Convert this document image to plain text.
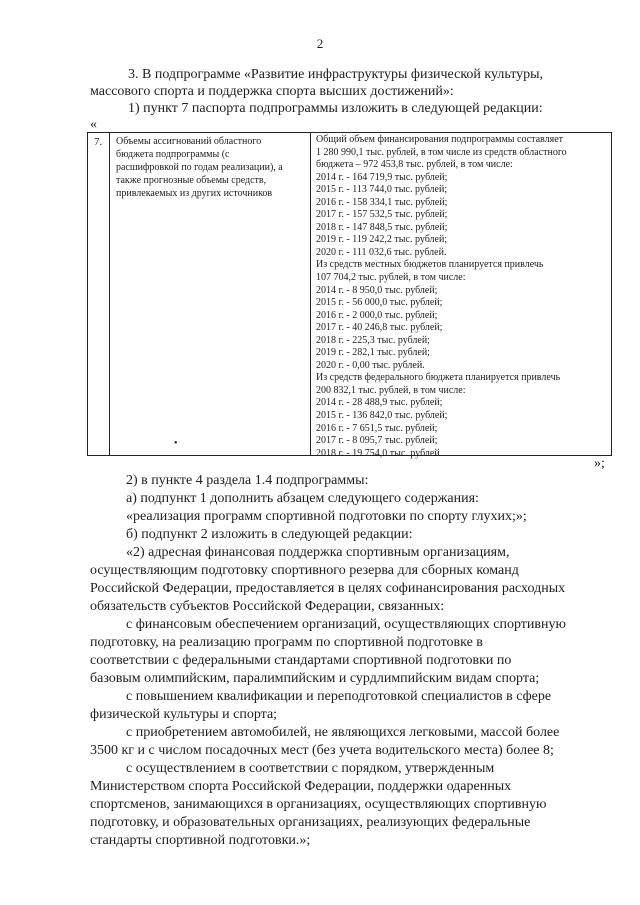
2
3. В подпрограмме «Развитие инфраструктуры физической культуры,
массового спорта и поддержка спорта высших достижений»:
1) пункт 7 паспорта подпрограммы изложить в следующей редакции:
«
7. Объемы ассигнований областного
бюджета подпрограммы (с
расшифровкой по годам реализации), а
также прогнозные объемы средств,
привлекаемых из других источников
Общий объем финансирования подпрограммы составляет
1 280 990,1 тыс. рублей, в том числе из средств областного
бюджета – 972 453,8 тыс. рублей, в том числе:
2014 г. - 164 719,9 тыс. рублей;
2015 г. - 113 744,0 тыс. рублей;
2016 г. - 158 334,1 тыс. рублей;
2017 г. - 157 532,5 тыс. рублей;
2018 г. - 147 848,5 тыс. рублей;
2019 г. - 119 242,2 тыс. рублей;
2020 г. - 111 032,6 тыс. рублей.
Из средств местных бюджетов планируется привлечь
107 704,2 тыс. рублей, в том числе:
2014 г. - 8 950,0 тыс. рублей;
2015 г. - 56 000,0 тыс. рублей;
2016 г. - 2 000,0 тыс. рублей;
2017 г. - 40 246,8 тыс. рублей;
2018 г. - 225,3 тыс. рублей;
2019 г. - 282,1 тыс. рублей;
2020 г. - 0,00 тыс. рублей.
Из средств федерального бюджета планируется привлечь
200 832,1 тыс. рублей, в том числе:
2014 г. - 28 488,9 тыс. рублей;
2015 г. - 136 842,0 тыс. рублей;
2016 г. - 7 651,5 тыс. рублей;
2017 г. - 8 095,7 тыс. рублей;
2018 г. - 19 754,0 тыс. рублей
•
»;
2) в пункте 4 раздела 1.4 подпрограммы:
а) подпункт 1 дополнить абзацем следующего содержания:
«реализация программ спортивной подготовки по спорту глухих;»;
б) подпункт 2 изложить в следующей редакции:
«2) адресная финансовая поддержка спортивным организациям,
осуществляющим подготовку спортивного резерва для сборных команд
Российской Федерации, предоставляется в целях софинансирования расходных
обязательств субъектов Российской Федерации, связанных:
с финансовым обеспечением организаций, осуществляющих спортивную
подготовку, на реализацию программ по спортивной подготовке в
соответствии с федеральными стандартами спортивной подготовки по
базовым олимпийским, паралимпийским и сурдлимпийским видам спорта;
с повышением квалификации и переподготовкой специалистов в сфере
физической культуры и спорта;
с приобретением автомобилей, не являющихся легковыми, массой более
3500 кг и с числом посадочных мест (без учета водительского места) более 8;
с осуществлением в соответствии с порядком, утвержденным
Министерством спорта Российской Федерации, поддержки одаренных
спортсменов, занимающихся в организациях, осуществляющих спортивную
подготовку, и образовательных организациях, реализующих федеральные
стандарты спортивной подготовки.»;
